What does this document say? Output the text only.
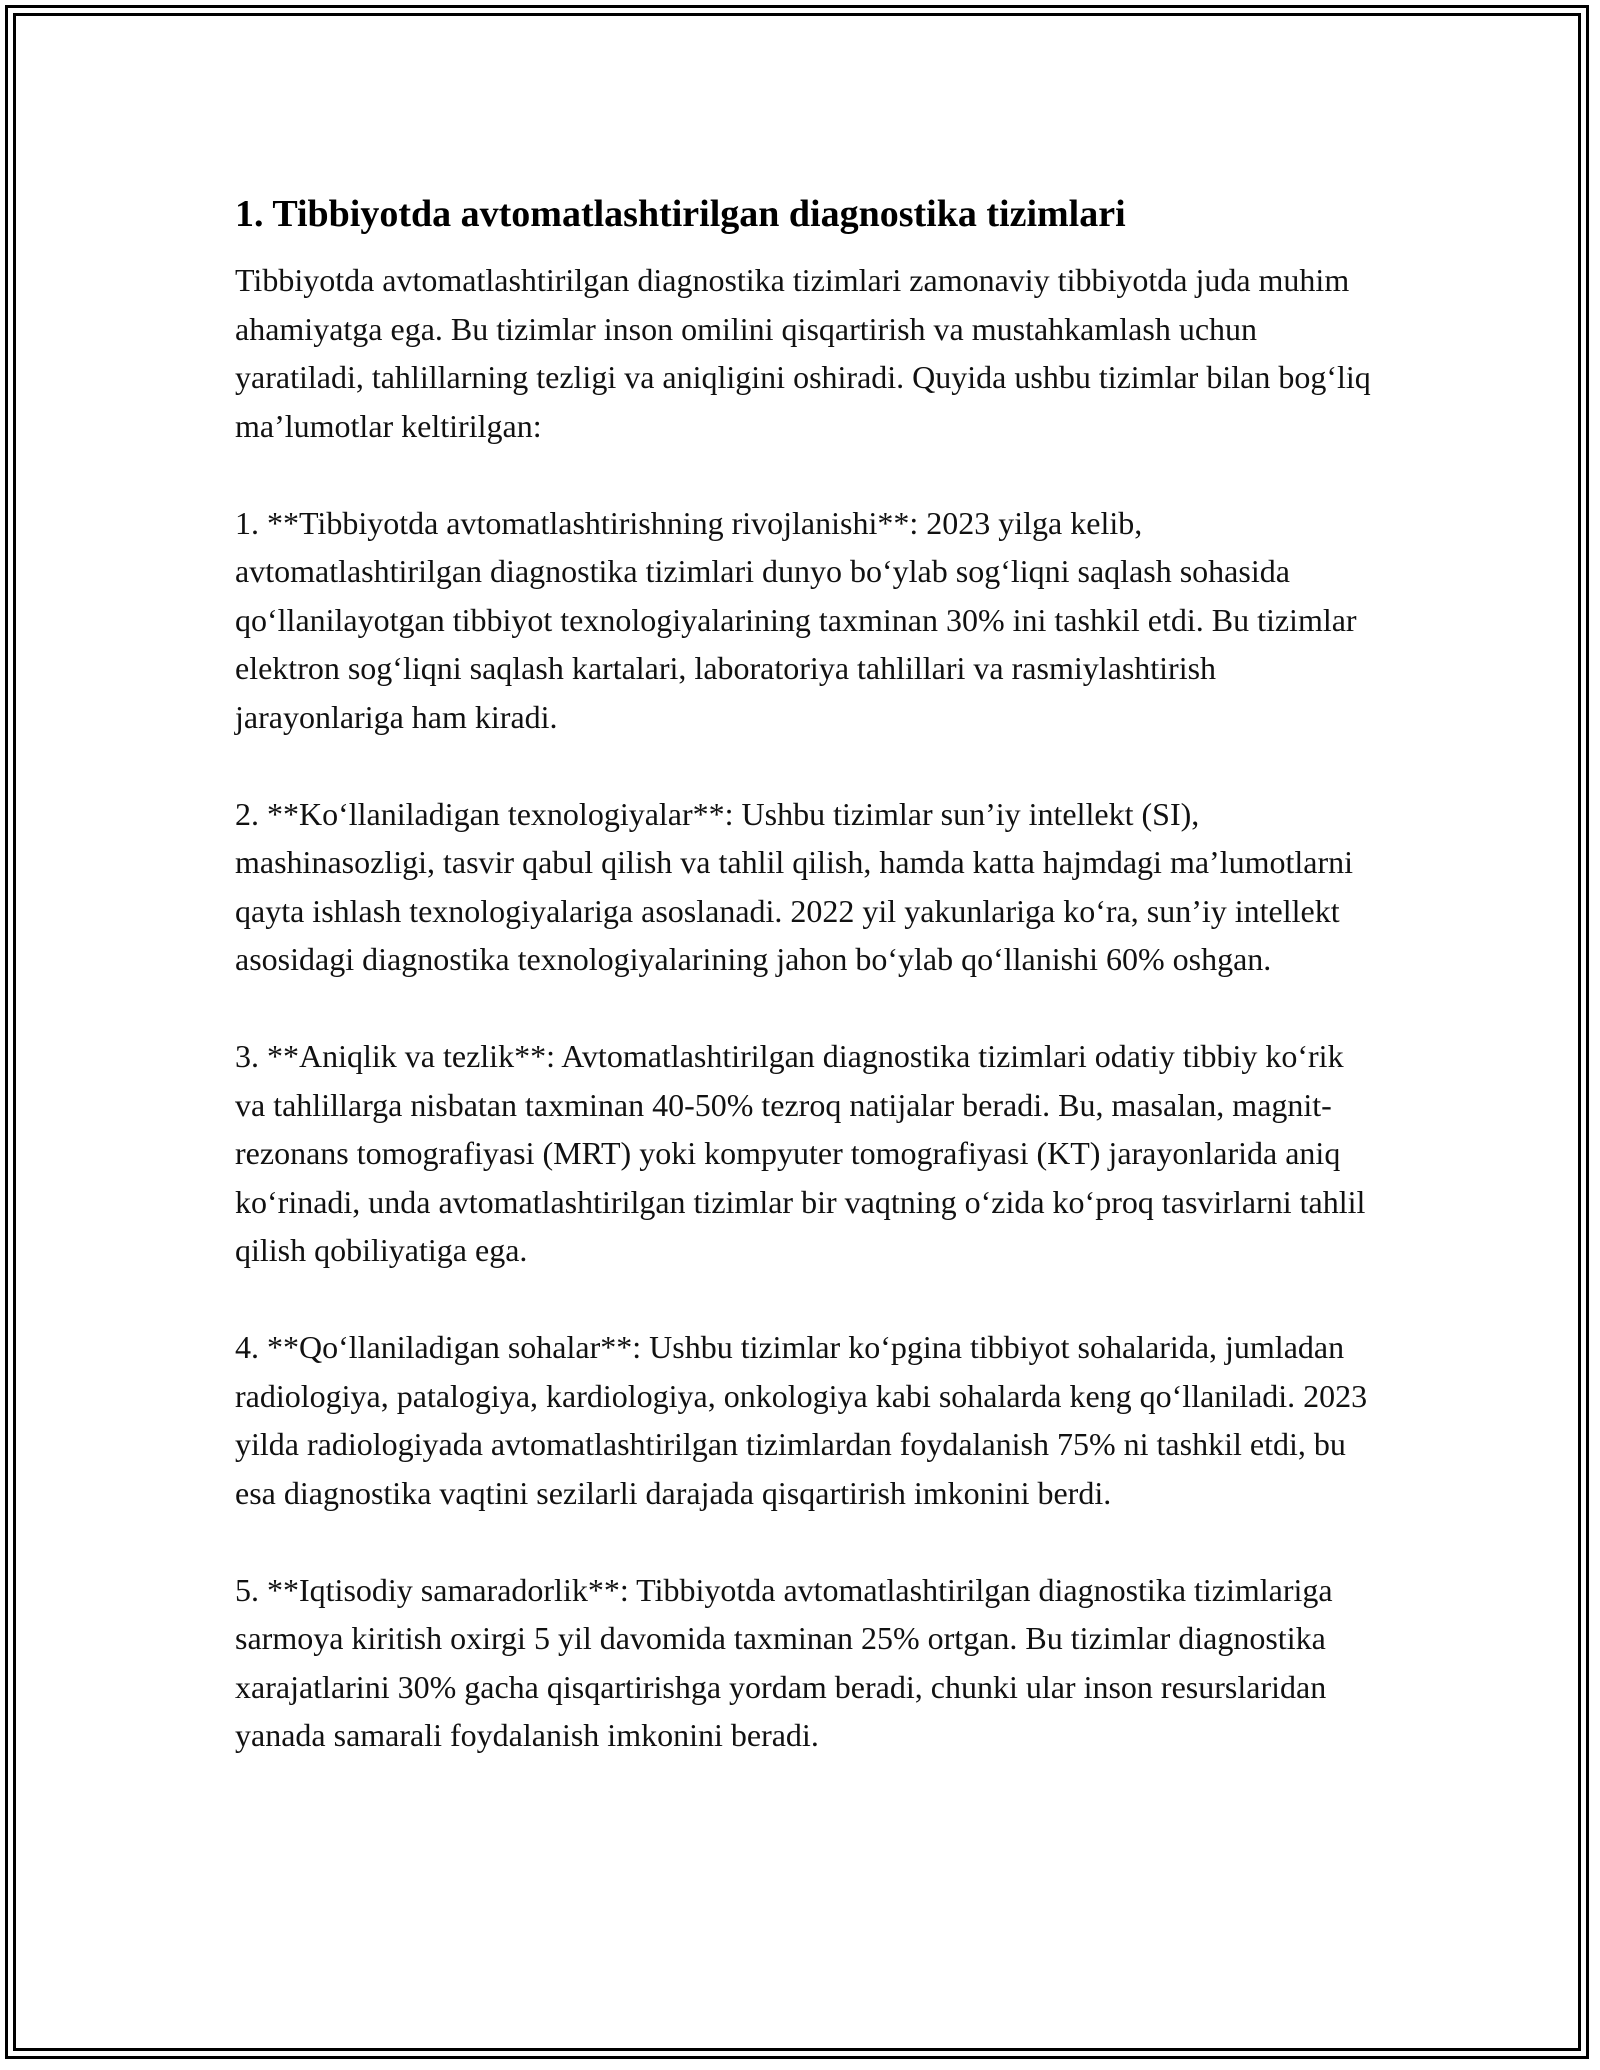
1. Tibbiyotda avtomatlashtirilgan diagnostika tizimlari

Tibbiyotda avtomatlashtirilgan diagnostika tizimlari zamonaviy tibbiyotda juda muhim ahamiyatga ega. Bu tizimlar inson omilini qisqartirish va mustahkamlash uchun yaratiladi, tahlillarning tezligi va aniqligini oshiradi. Quyida ushbu tizimlar bilan bog‘liq ma’lumotlar keltirilgan:

1. **Tibbiyotda avtomatlashtirishning rivojlanishi**: 2023 yilga kelib, avtomatlashtirilgan diagnostika tizimlari dunyo bo‘ylab sog‘liqni saqlash sohasida qo‘llanilayotgan tibbiyot texnologiyalarining taxminan 30% ini tashkil etdi. Bu tizimlar elektron sog‘liqni saqlash kartalari, laboratoriya tahlillari va rasmiylashtirish jarayonlariga ham kiradi.

2. **Ko‘llaniladigan texnologiyalar**: Ushbu tizimlar sun’iy intellekt (SI), mashinasozligi, tasvir qabul qilish va tahlil qilish, hamda katta hajmdagi ma’lumotlarni qayta ishlash texnologiyalariga asoslanadi. 2022 yil yakunlariga ko‘ra, sun’iy intellekt asosidagi diagnostika texnologiyalarining jahon bo‘ylab qo‘llanishi 60% oshgan.

3. **Aniqlik va tezlik**: Avtomatlashtirilgan diagnostika tizimlari odatiy tibbiy ko‘rik va tahlillarga nisbatan taxminan 40-50% tezroq natijalar beradi. Bu, masalan, magnit-rezonans tomografiyasi (MRT) yoki kompyuter tomografiyasi (KT) jarayonlarida aniq ko‘rinadi, unda avtomatlashtirilgan tizimlar bir vaqtning o‘zida ko‘proq tasvirlarni tahlil qilish qobiliyatiga ega.

4. **Qo‘llaniladigan sohalar**: Ushbu tizimlar ko‘pgina tibbiyot sohalarida, jumladan radiologiya, patalogiya, kardiologiya, onkologiya kabi sohalarda keng qo‘llaniladi. 2023 yilda radiologiyada avtomatlashtirilgan tizimlardan foydalanish 75% ni tashkil etdi, bu esa diagnostika vaqtini sezilarli darajada qisqartirish imkonini berdi.

5. **Iqtisodiy samaradorlik**: Tibbiyotda avtomatlashtirilgan diagnostika tizimlariga sarmoya kiritish oxirgi 5 yil davomida taxminan 25% ortgan. Bu tizimlar diagnostika xarajatlarini 30% gacha qisqartirishga yordam beradi, chunki ular inson resurslaridan yanada samarali foydalanish imkonini beradi.
